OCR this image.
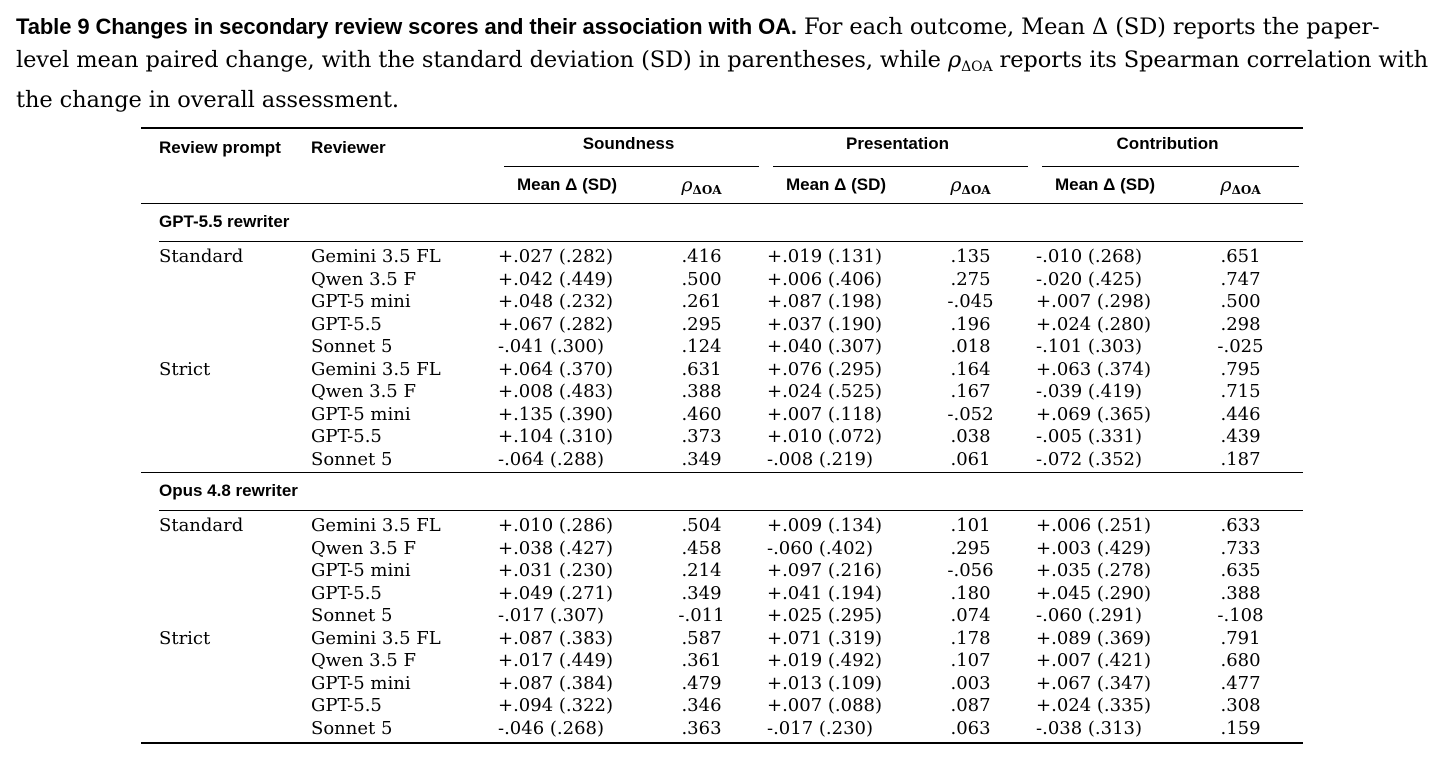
Table 9 Changes in secondary review scores and their association with OA. For each outcome, Mean Δ (SD) reports the paper-level mean paired change, with the standard deviation (SD) in parentheses, while $\rho_{\Delta OA}$ reports its Spearman correlation with the change in overall assessment.
Review prompt	Reviewer	Soundness		Presentation		Contribution	
		Mean Δ (SD)	ρΔOA	Mean Δ (SD)	ρΔOA	Mean Δ (SD)	ρΔOA
GPT-5.5 rewriter							

Standard	Gemini 3.5 FL	+.027 (.282)	.416	+.019 (.131)	.135	-.010 (.268)	.651
	Qwen 3.5 F	+.042 (.449)	.500	+.006 (.406)	.275	-.020 (.425)	.747
	GPT-5 mini	+.048 (.232)	.261	+.087 (.198)	-.045	+.007 (.298)	.500
	GPT-5.5	+.067 (.282)	.295	+.037 (.190)	.196	+.024 (.280)	.298
	Sonnet 5	-.041 (.300)	.124	+.040 (.307)	.018	-.101 (.303)	-.025
Strict	Gemini 3.5 FL	+.064 (.370)	.631	+.076 (.295)	.164	+.063 (.374)	.795
	Qwen 3.5 F	+.008 (.483)	.388	+.024 (.525)	.167	-.039 (.419)	.715
	GPT-5 mini	+.135 (.390)	.460	+.007 (.118)	-.052	+.069 (.365)	.446
	GPT-5.5	+.104 (.310)	.373	+.010 (.072)	.038	-.005 (.331)	.439
	Sonnet 5	-.064 (.288)	.349	-.008 (.219)	.061	-.072 (.352)	.187
Opus 4.8 rewriter							

Standard	Gemini 3.5 FL	+.010 (.286)	.504	+.009 (.134)	.101	+.006 (.251)	.633
	Qwen 3.5 F	+.038 (.427)	.458	-.060 (.402)	.295	+.003 (.429)	.733
	GPT-5 mini	+.031 (.230)	.214	+.097 (.216)	-.056	+.035 (.278)	.635
	GPT-5.5	+.049 (.271)	.349	+.041 (.194)	.180	+.045 (.290)	.388
	Sonnet 5	-.017 (.307)	-.011	+.025 (.295)	.074	-.060 (.291)	-.108
Strict	Gemini 3.5 FL	+.087 (.383)	.587	+.071 (.319)	.178	+.089 (.369)	.791
	Qwen 3.5 F	+.017 (.449)	.361	+.019 (.492)	.107	+.007 (.421)	.680
	GPT-5 mini	+.087 (.384)	.479	+.013 (.109)	.003	+.067 (.347)	.477
	GPT-5.5	+.094 (.322)	.346	+.007 (.088)	.087	+.024 (.335)	.308
	Sonnet 5	-.046 (.268)	.363	-.017 (.230)	.063	-.038 (.313)	.159
